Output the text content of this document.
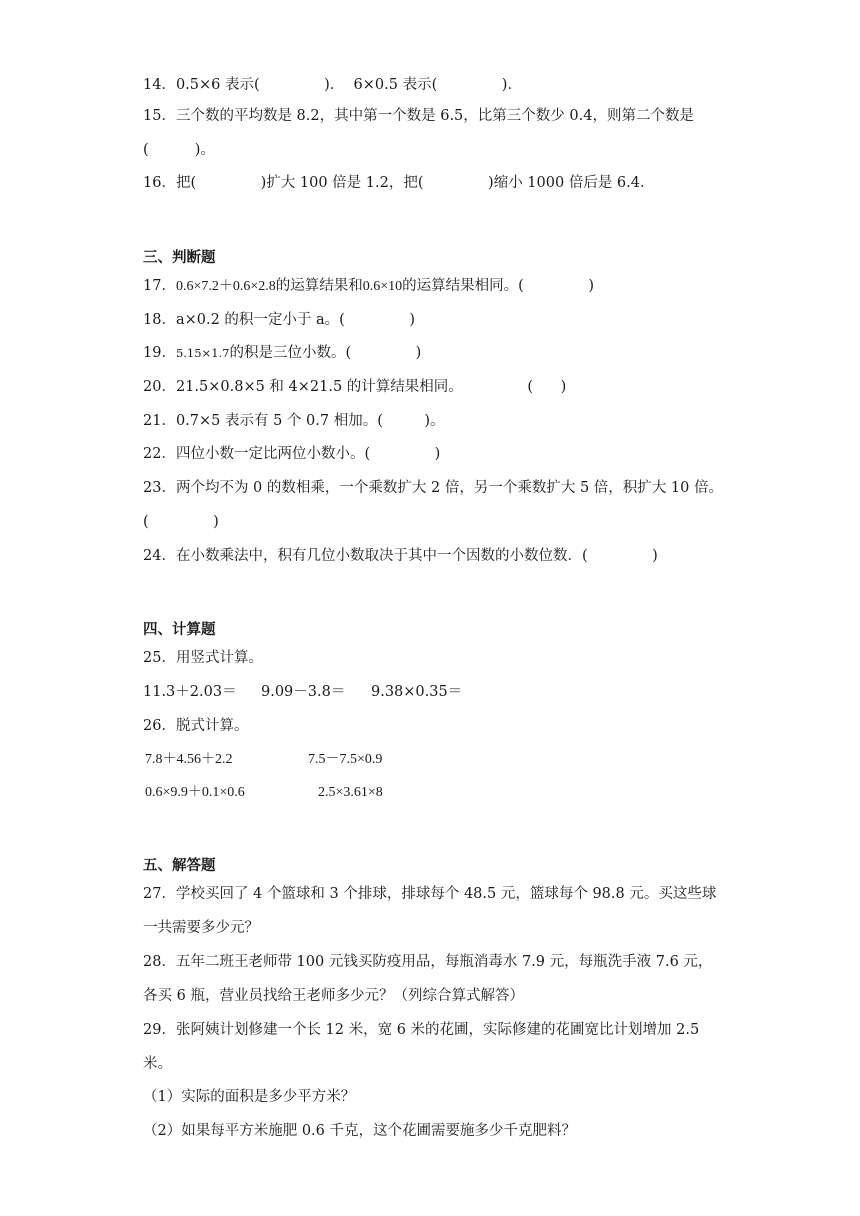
14．0.5×6 表示(              )．  6×0.5 表示(              )．
15．三个数的平均数是 8.2，其中第一个数是 6.5，比第三个数少 0.4，则第二个数是
(          )。
16．把(              )扩大 100 倍是 1.2，把(              )缩小 1000 倍后是 6.4．
三、判断题
17．0.6×7.2＋0.6×2.8的运算结果和0.6×10的运算结果相同。(              )
18．a×0.2 的积一定小于 a。(              )
19．5.15×1.7的积是三位小数。(              )
20．21.5×0.8×5 和 4×21.5 的计算结果相同。              (      )
21．0.7×5 表示有 5 个 0.7 相加。(         )。
22．四位小数一定比两位小数小。(              )
23．两个均不为 0 的数相乘，一个乘数扩大 2 倍，另一个乘数扩大 5 倍，积扩大 10 倍。
(              )
24．在小数乘法中，积有几位小数取决于其中一个因数的小数位数．(              )
四、计算题
25．用竖式计算。
11.3＋2.03＝ 9.09－3.8＝ 9.38×0.35＝
26．脱式计算。
7.8＋4.56＋2.2	7.5－7.5×0.9
0.6×9.9＋0.1×0.6	2.5×3.61×8
五、解答题
27．学校买回了 4 个篮球和 3 个排球，排球每个 48.5 元，篮球每个 98.8 元。买这些球
一共需要多少元？
28．五年二班王老师带 100 元钱买防疫用品，每瓶消毒水 7.9 元，每瓶洗手液 7.6 元，
各买 6 瓶，营业员找给王老师多少元？（列综合算式解答）
29．张阿姨计划修建一个长 12 米，宽 6 米的花圃，实际修建的花圃宽比计划增加 2.5
米。
（1）实际的面积是多少平方米？
（2）如果每平方米施肥 0.6 千克，这个花圃需要施多少千克肥料？
